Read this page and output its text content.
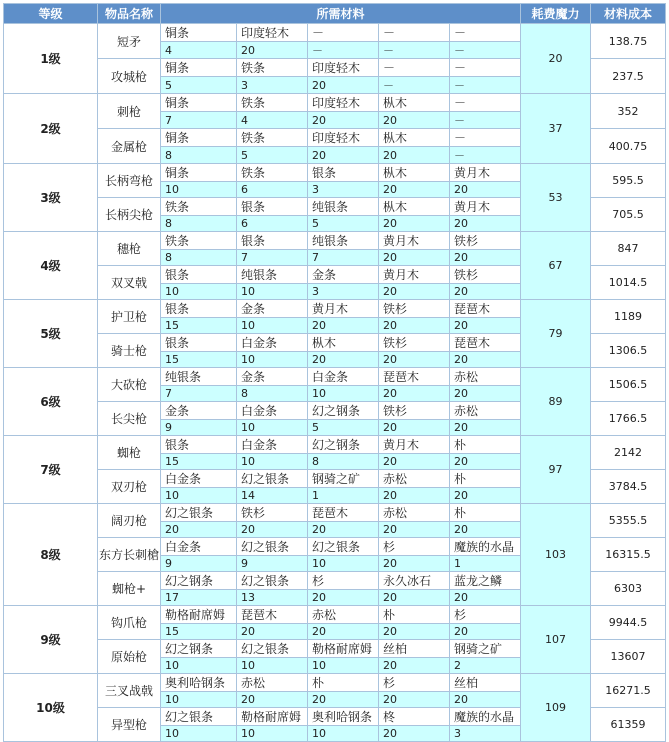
等级	物品名称	所需材料					耗费魔力	材料成本
1级	短矛	铜条	印度轻木	－	－	－	20	138.75
		4	20	－	－	－		
	攻城枪	铜条	铁条	印度轻木	－	－		237.5
		5	3	20	－	－		
2级	刺枪	铜条	铁条	印度轻木	枞木	－	37	352
		7	4	20	20	－		
	金属枪	铜条	铁条	印度轻木	枞木	－		400.75
		8	5	20	20	－		
3级	长柄弯枪	铜条	铁条	银条	枞木	黄月木	53	595.5
		10	6	3	20	20		
	长柄尖枪	铁条	银条	纯银条	枞木	黄月木		705.5
		8	6	5	20	20		
4级	穗枪	铁条	银条	纯银条	黄月木	铁杉	67	847
		8	7	7	20	20		
	双叉戟	银条	纯银条	金条	黄月木	铁杉		1014.5
		10	10	3	20	20		
5级	护卫枪	银条	金条	黄月木	铁杉	琵琶木	79	1189
		15	10	20	20	20		
	骑士枪	银条	白金条	枞木	铁杉	琵琶木		1306.5
		15	10	20	20	20		
6级	大砍枪	纯银条	金条	白金条	琵琶木	赤松	89	1506.5
		7	8	10	20	20		
	长尖枪	金条	白金条	幻之钢条	铁杉	赤松		1766.5
		9	10	5	20	20		
7级	蜘枪	银条	白金条	幻之钢条	黄月木	朴	97	2142
		15	10	8	20	20		
	双刃枪	白金条	幻之银条	钢骑之矿	赤松	朴		3784.5
		10	14	1	20	20		
8级	阔刃枪	幻之银条	铁杉	琵琶木	赤松	朴	103	5355.5
		20	20	20	20	20		
	东方长刺槍	白金条	幻之银条	幻之银条	杉	魔族的水晶		16315.5
		9	9	10	20	1		
	蜘枪+	幻之钢条	幻之银条	杉	永久冰石	蓝龙之鳞		6303
		17	13	20	20	20		
9级	钩爪枪	勒格耐席姆	琵琶木	赤松	朴	杉	107	9944.5
		15	20	20	20	20		
	原始枪	幻之钢条	幻之银条	勒格耐席姆	丝柏	钢骑之矿		13607
		10	10	10	20	2		
10级	三叉战戟	奥利哈钢条	赤松	朴	杉	丝柏	109	16271.5
		10	20	20	20	20		
	异型枪	幻之银条	勒格耐席姆	奥利哈钢条	柊	魔族的水晶		61359
		10	10	10	20	3		
